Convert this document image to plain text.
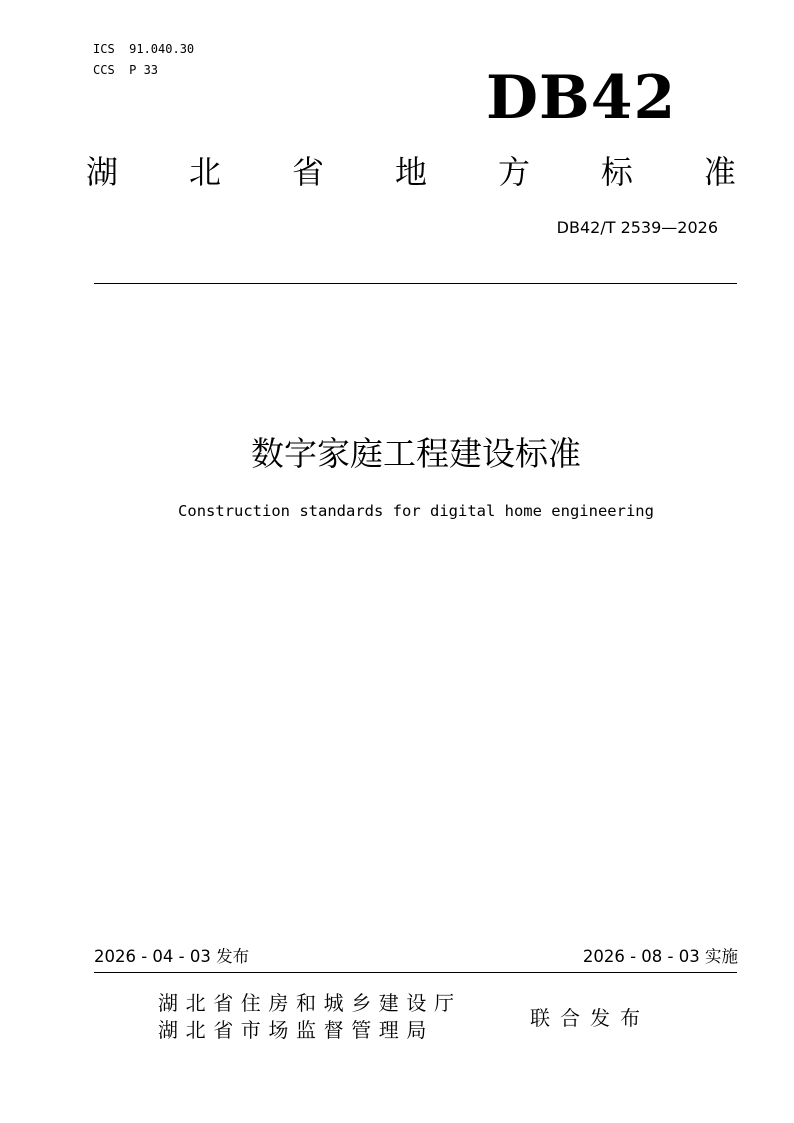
ICS  91.040.30
CCS  P 33	DB42
湖 北 省 地 方 标 准
DB42/T 2539—2026
数字家庭工程建设标准
Construction standards for digital home engineering
2026 - 04 - 03 发布	2026 - 08 - 03 实施
湖北省住房和城乡建设厅
湖北省市场监督管理局	联合发布
